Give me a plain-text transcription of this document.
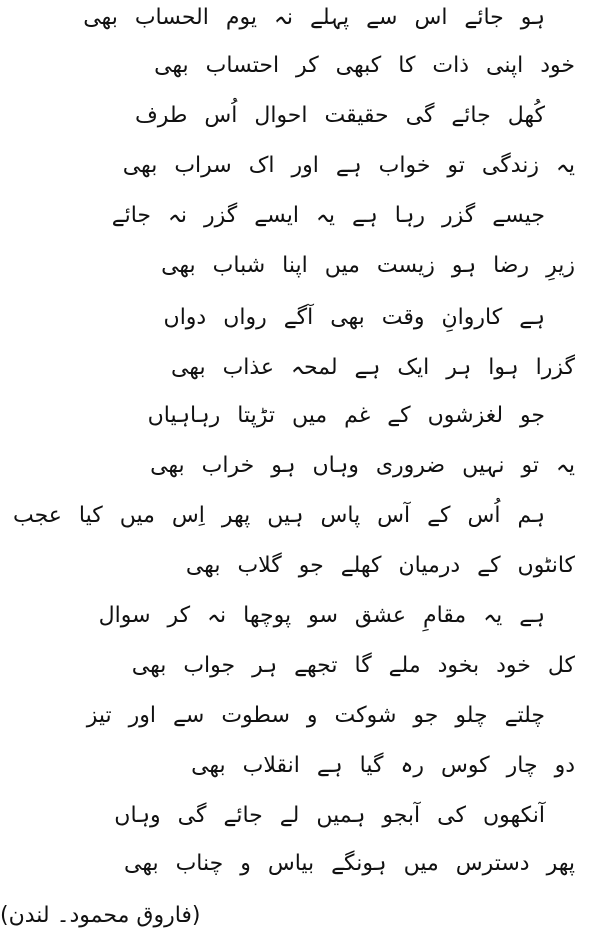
ہو جائے اس سے پہلے نہ یوم الحساب بھی
خود اپنی ذات کا کبھی کر احتساب بھی
کُھل جائے گی حقیقت احوال اُس طرف
یہ زندگی تو خواب ہے اور اک سراب بھی
جیسے گزر رہا ہے یہ ایسے گزر نہ جائے
زیرِ رضا ہو زیست میں اپنا شباب بھی
ہے کاروانِ وقت بھی آگے رواں دواں
گزرا ہوا ہر ایک ہے لمحہ عذاب بھی
جو لغزشوں کے غم میں تڑپتا رہاہیاں
یہ تو نہیں ضروری وہاں ہو خراب بھی
ہم اُس کے آس پاس ہیں پھر اِس میں کیا عجب
کانٹوں کے درمیان کھلے جو گلاب بھی
ہے یہ مقامِ عشق سو پوچھا نہ کر سوال
کل خود بخود ملے گا تجھے ہر جواب بھی
چلتے چلو جو شوکت و سطوت سے اور تیز
دو چار کوس رہ گیا ہے انقلاب بھی
آنکھوں کی آبجو ہمیں لے جائے گی وہاں
پھر دسترس میں ہونگے بیاس و چناب بھی
(فاروق محمود۔ لندن)
